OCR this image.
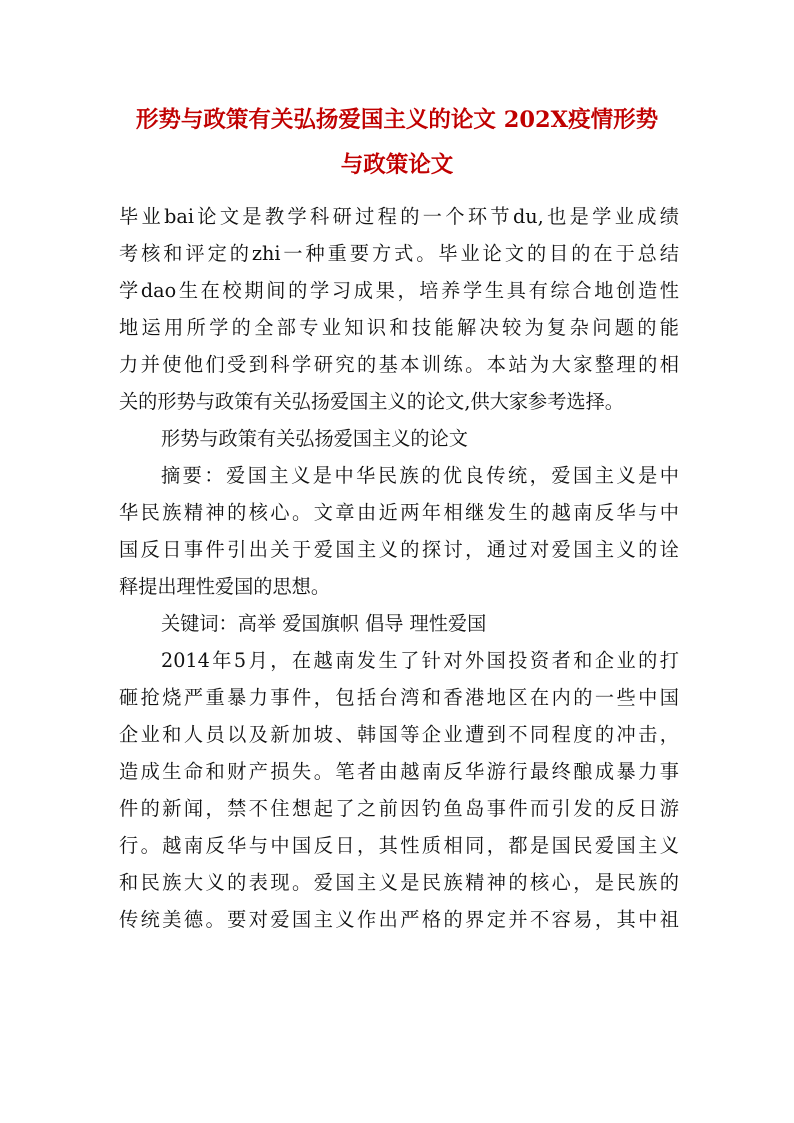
形势与政策有关弘扬爱国主义的论文 202X疫情形势
与政策论文
毕业bai论文是教学科研过程的一个环节du,也是学业成绩
考核和评定的zhi一种重要方式。毕业论文的目的在于总结
学dao生在校期间的学习成果，培养学生具有综合地创造性
地运用所学的全部专业知识和技能解决较为复杂问题的能
力并使他们受到科学研究的基本训练。本站为大家整理的相
关的形势与政策有关弘扬爱国主义的论文,供大家参考选择。
形势与政策有关弘扬爱国主义的论文
摘要：爱国主义是中华民族的优良传统，爱国主义是中
华民族精神的核心。文章由近两年相继发生的越南反华与中
国反日事件引出关于爱国主义的探讨，通过对爱国主义的诠
释提出理性爱国的思想。
关键词：高举 爱国旗帜 倡导 理性爱国
2014年5月，在越南发生了针对外国投资者和企业的打
砸抢烧严重暴力事件，包括台湾和香港地区在内的一些中国
企业和人员以及新加坡、韩国等企业遭到不同程度的冲击，
造成生命和财产损失。笔者由越南反华游行最终酿成暴力事
件的新闻，禁不住想起了之前因钓鱼岛事件而引发的反日游
行。越南反华与中国反日，其性质相同，都是国民爱国主义
和民族大义的表现。爱国主义是民族精神的核心，是民族的
传统美德。要对爱国主义作出严格的界定并不容易，其中祖
